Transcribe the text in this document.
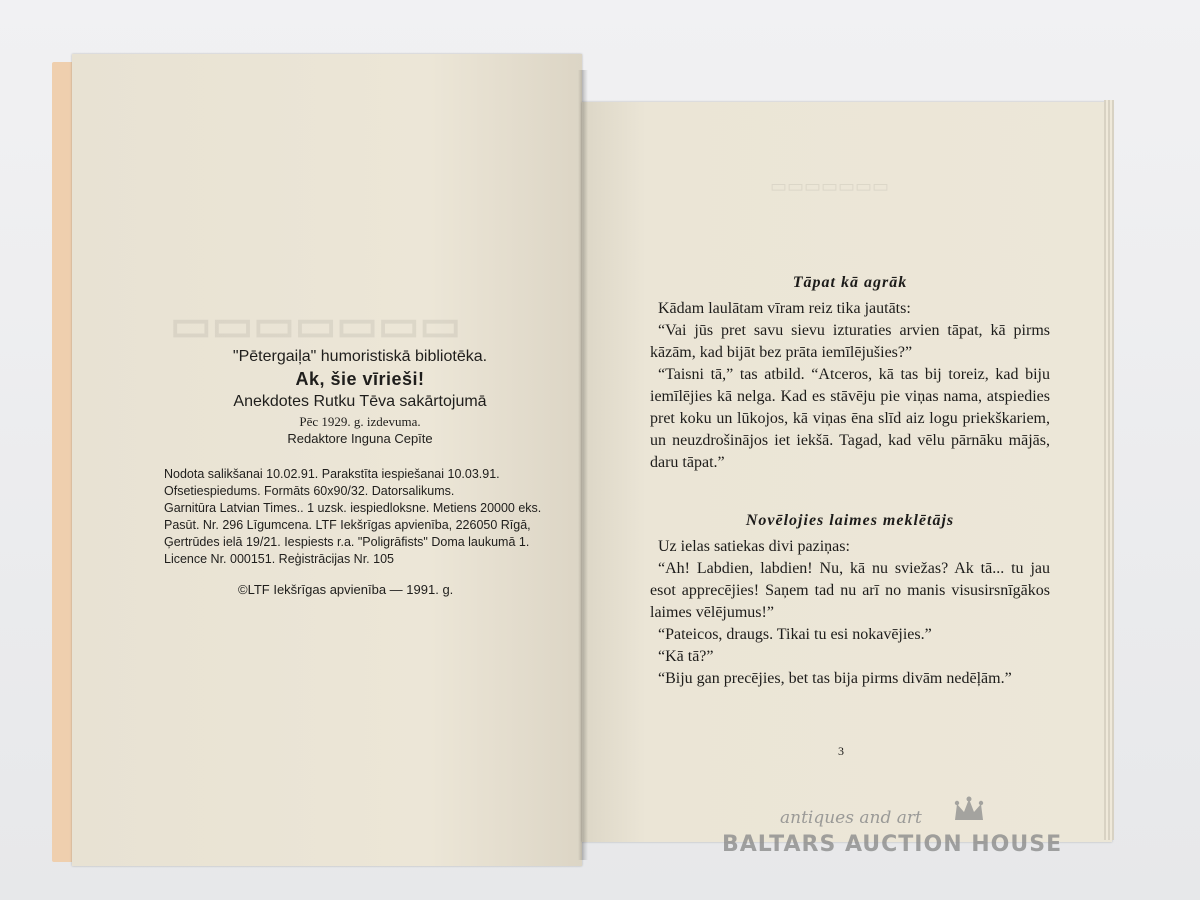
▭▭▭▭▭▭▭
▭▭▭▭▭▭▭
"Pētergaiļa" humoristiskā bibliotēka.
Ak, šie vīrieši!
Anekdotes Rutku Tēva sakārtojumā
Pēc 1929. g. izdevuma.
Redaktore Inguna Cepīte
Nodota salikšanai 10.02.91. Parakstīta iespiešanai 10.03.91.
Ofsetiespiedums. Formāts 60x90/32. Datorsalikums.
Garnitūra Latvian Times.. 1 uzsk. iespiedloksne. Metiens 20000 eks.
Pasūt. Nr. 296 Līgumcena. LTF Iekšrīgas apvienība, 226050 Rīgā,
Ģertrūdes ielā 19/21. Iespiests r.a. "Poligrāfists" Doma laukumā 1.
Licence Nr. 000151. Reģistrācijas Nr. 105
©LTF Iekšrīgas apvienība — 1991. g.
Tāpat kā agrāk
Kādam laulātam vīram reiz tika jautāts:
“Vai jūs pret savu sievu izturaties arvien tāpat, kā pirms kāzām, kad bijāt bez prāta iemīlējušies?”
“Taisni tā,” tas atbild. “Atceros, kā tas bij toreiz, kad biju iemīlējies kā nelga. Kad es stāvēju pie viņas nama, atspiedies pret koku un lūkojos, kā viņas ēna slīd aiz logu priekškariem, un neuzdrošinājos iet iekšā. Tagad, kad vēlu pārnāku mājās, daru tāpat.”
Novēlojies laimes meklētājs
Uz ielas satiekas divi paziņas:
“Ah! Labdien, labdien! Nu, kā nu sviežas? Ak tā... tu jau esot apprecējies! Saņem tad nu arī no manis visusirsnīgākos laimes vēlējumus!”
“Pateicos, draugs. Tikai tu esi nokavējies.”
“Kā tā?”
“Biju gan precējies, bet tas bija pirms divām nedēļām.”
3
antiques and art
BALTARS AUCTION HOUSE
